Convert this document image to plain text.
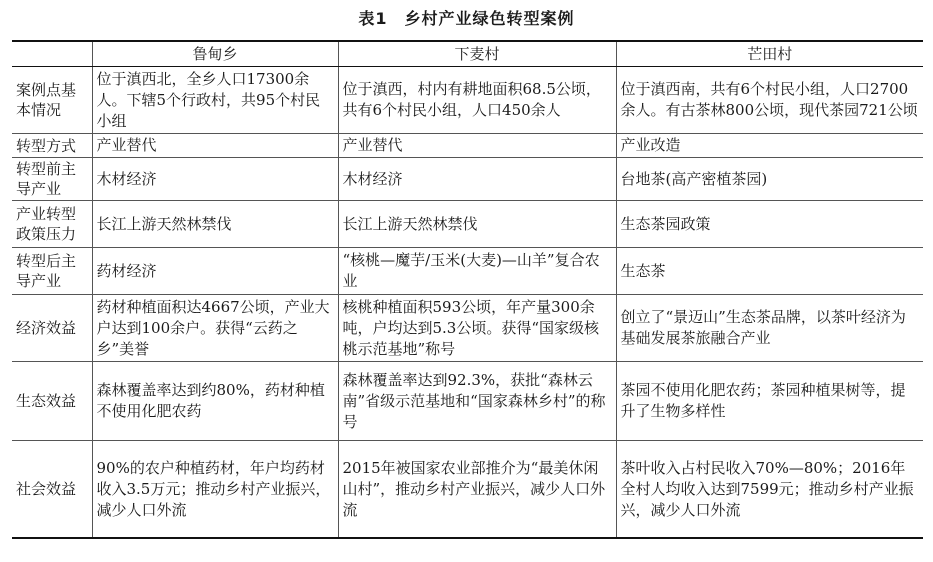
表1　乡村产业绿色转型案例
	鲁甸乡	下麦村	芒田村
案例点基本情况	位于滇西北，全乡人口17300余人。下辖5个行政村，共95个村民小组	位于滇西，村内有耕地面积68.5公顷，共有6个村民小组，人口450余人	位于滇西南，共有6个村民小组，人口2700余人。有古茶林800公顷，现代茶园721公顷
转型方式	产业替代	产业替代	产业改造
转型前主导产业	木材经济	木材经济	台地茶(高产密植茶园)
产业转型政策压力	长江上游天然林禁伐	长江上游天然林禁伐	生态茶园政策
转型后主导产业	药材经济	“核桃—魔芋/玉米(大麦)—山羊”复合农业	生态茶
经济效益	药材种植面积达4667公顷，产业大户达到100余户。获得“云药之乡”美誉	核桃种植面积593公顷，年产量300余吨，户均达到5.3公顷。获得“国家级核桃示范基地”称号	创立了“景迈山”生态茶品牌，以茶叶经济为基础发展茶旅融合产业
生态效益	森林覆盖率达到约80%，药材种植不使用化肥农药	森林覆盖率达到92.3%，获批“森林云南”省级示范基地和“国家森林乡村”的称号	茶园不使用化肥农药；茶园种植果树等，提升了生物多样性
社会效益	90%的农户种植药材，年户均药材收入3.5万元；推动乡村产业振兴，减少人口外流	2015年被国家农业部推介为“最美休闲山村”，推动乡村产业振兴，减少人口外流	茶叶收入占村民收入70%—80%；2016年全村人均收入达到7599元；推动乡村产业振兴，减少人口外流
